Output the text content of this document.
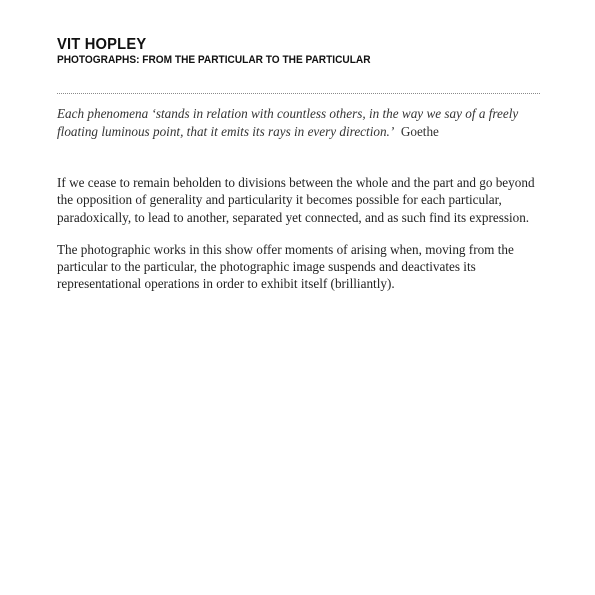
VIT HOPLEY
PHOTOGRAPHS: FROM THE PARTICULAR TO THE PARTICULAR

Each phenomena ‘stands in relation with countless others, in the way we say of a freely floating luminous point, that it emits its rays in every direction.’ Goethe

If we cease to remain beholden to divisions between the whole and the part and go beyond the opposition of generality and particularity it becomes possible for each particular, paradoxically, to lead to another, separated yet connected, and as such find its expression.

The photographic works in this show offer moments of arising when, moving from the particular to the particular, the photographic image suspends and deactivates its representational operations in order to exhibit itself (brilliantly).
